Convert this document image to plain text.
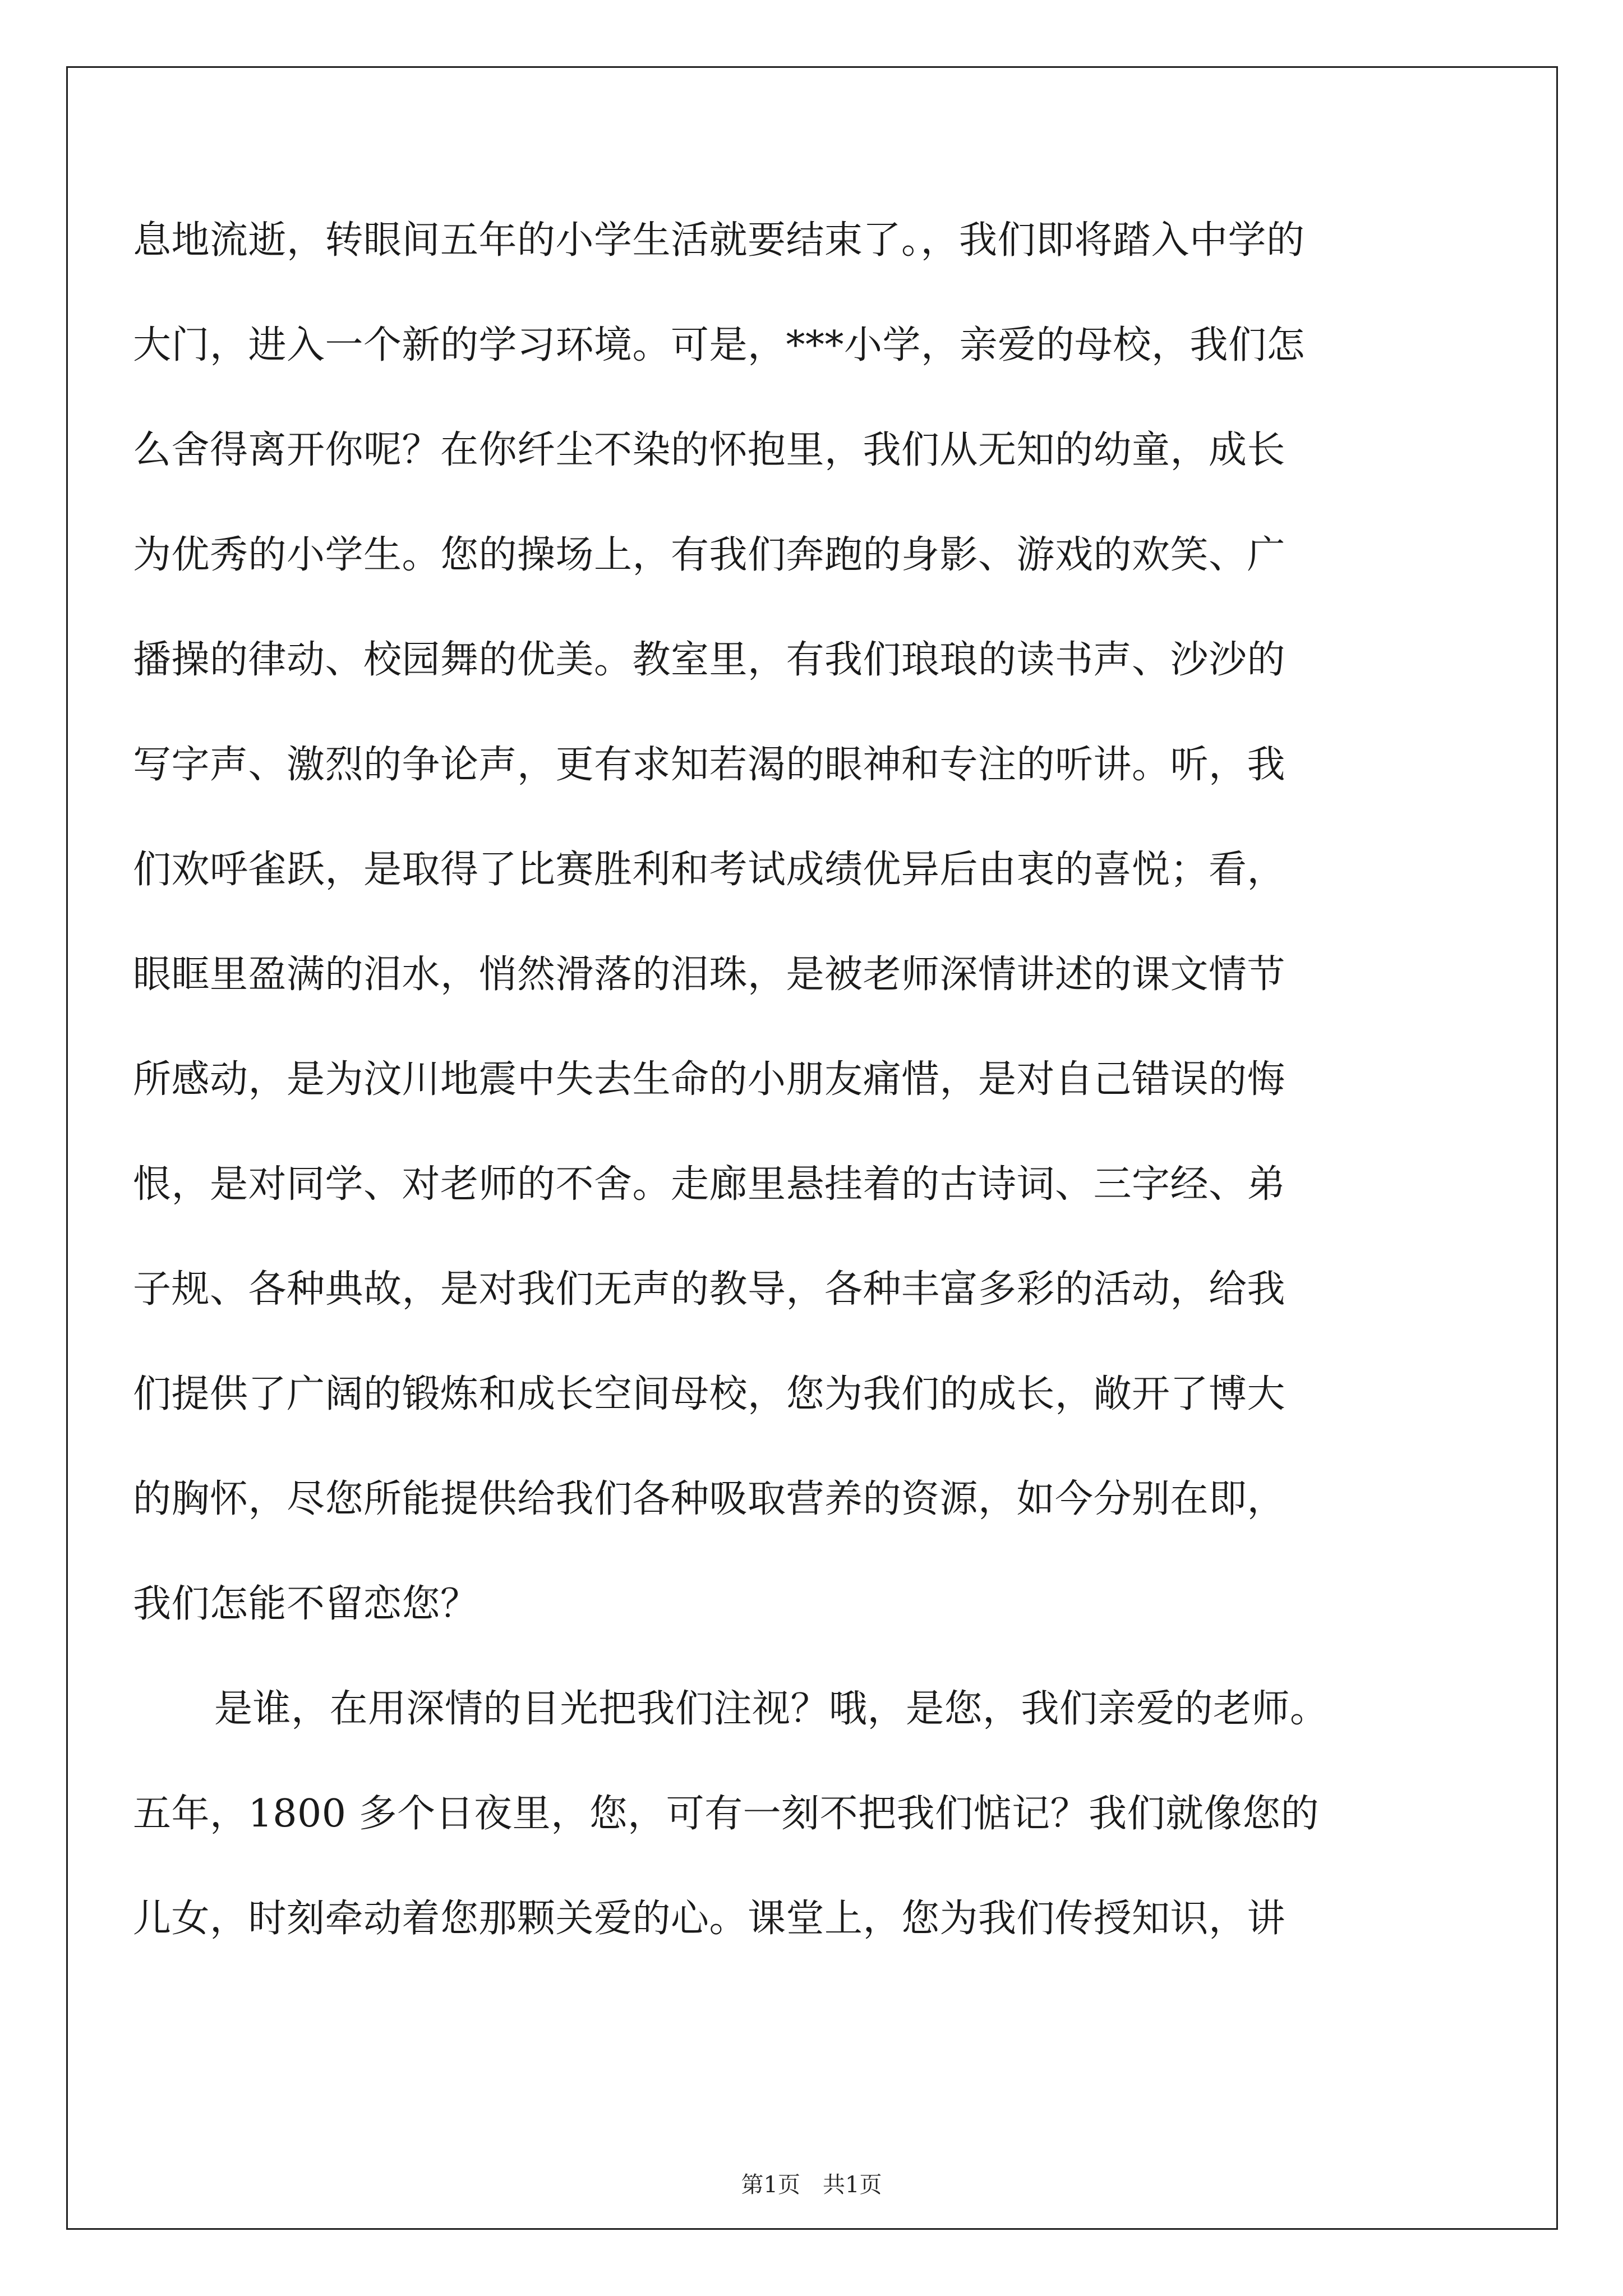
息地流逝，转眼间五年的小学生活就要结束了。，我们即将踏入中学的
大门，进入一个新的学习环境。可是，***小学，亲爱的母校，我们怎
么舍得离开你呢？在你纤尘不染的怀抱里，我们从无知的幼童，成长
为优秀的小学生。您的操场上，有我们奔跑的身影、游戏的欢笑、广
播操的律动、校园舞的优美。教室里，有我们琅琅的读书声、沙沙的
写字声、激烈的争论声，更有求知若渴的眼神和专注的听讲。听，我
们欢呼雀跃，是取得了比赛胜利和考试成绩优异后由衷的喜悦；看，
眼眶里盈满的泪水，悄然滑落的泪珠，是被老师深情讲述的课文情节
所感动，是为汶川地震中失去生命的小朋友痛惜，是对自己错误的悔
恨，是对同学、对老师的不舍。走廊里悬挂着的古诗词、三字经、弟
子规、各种典故，是对我们无声的教导，各种丰富多彩的活动，给我
们提供了广阔的锻炼和成长空间母校，您为我们的成长，敞开了博大
的胸怀，尽您所能提供给我们各种吸取营养的资源，如今分别在即，
我们怎能不留恋您？
是谁，在用深情的目光把我们注视？哦，是您，我们亲爱的老师。
五年，1800 多个日夜里，您，可有一刻不把我们惦记？我们就像您的
儿女，时刻牵动着您那颗关爱的心。课堂上，您为我们传授知识，讲
第1页　共1页
